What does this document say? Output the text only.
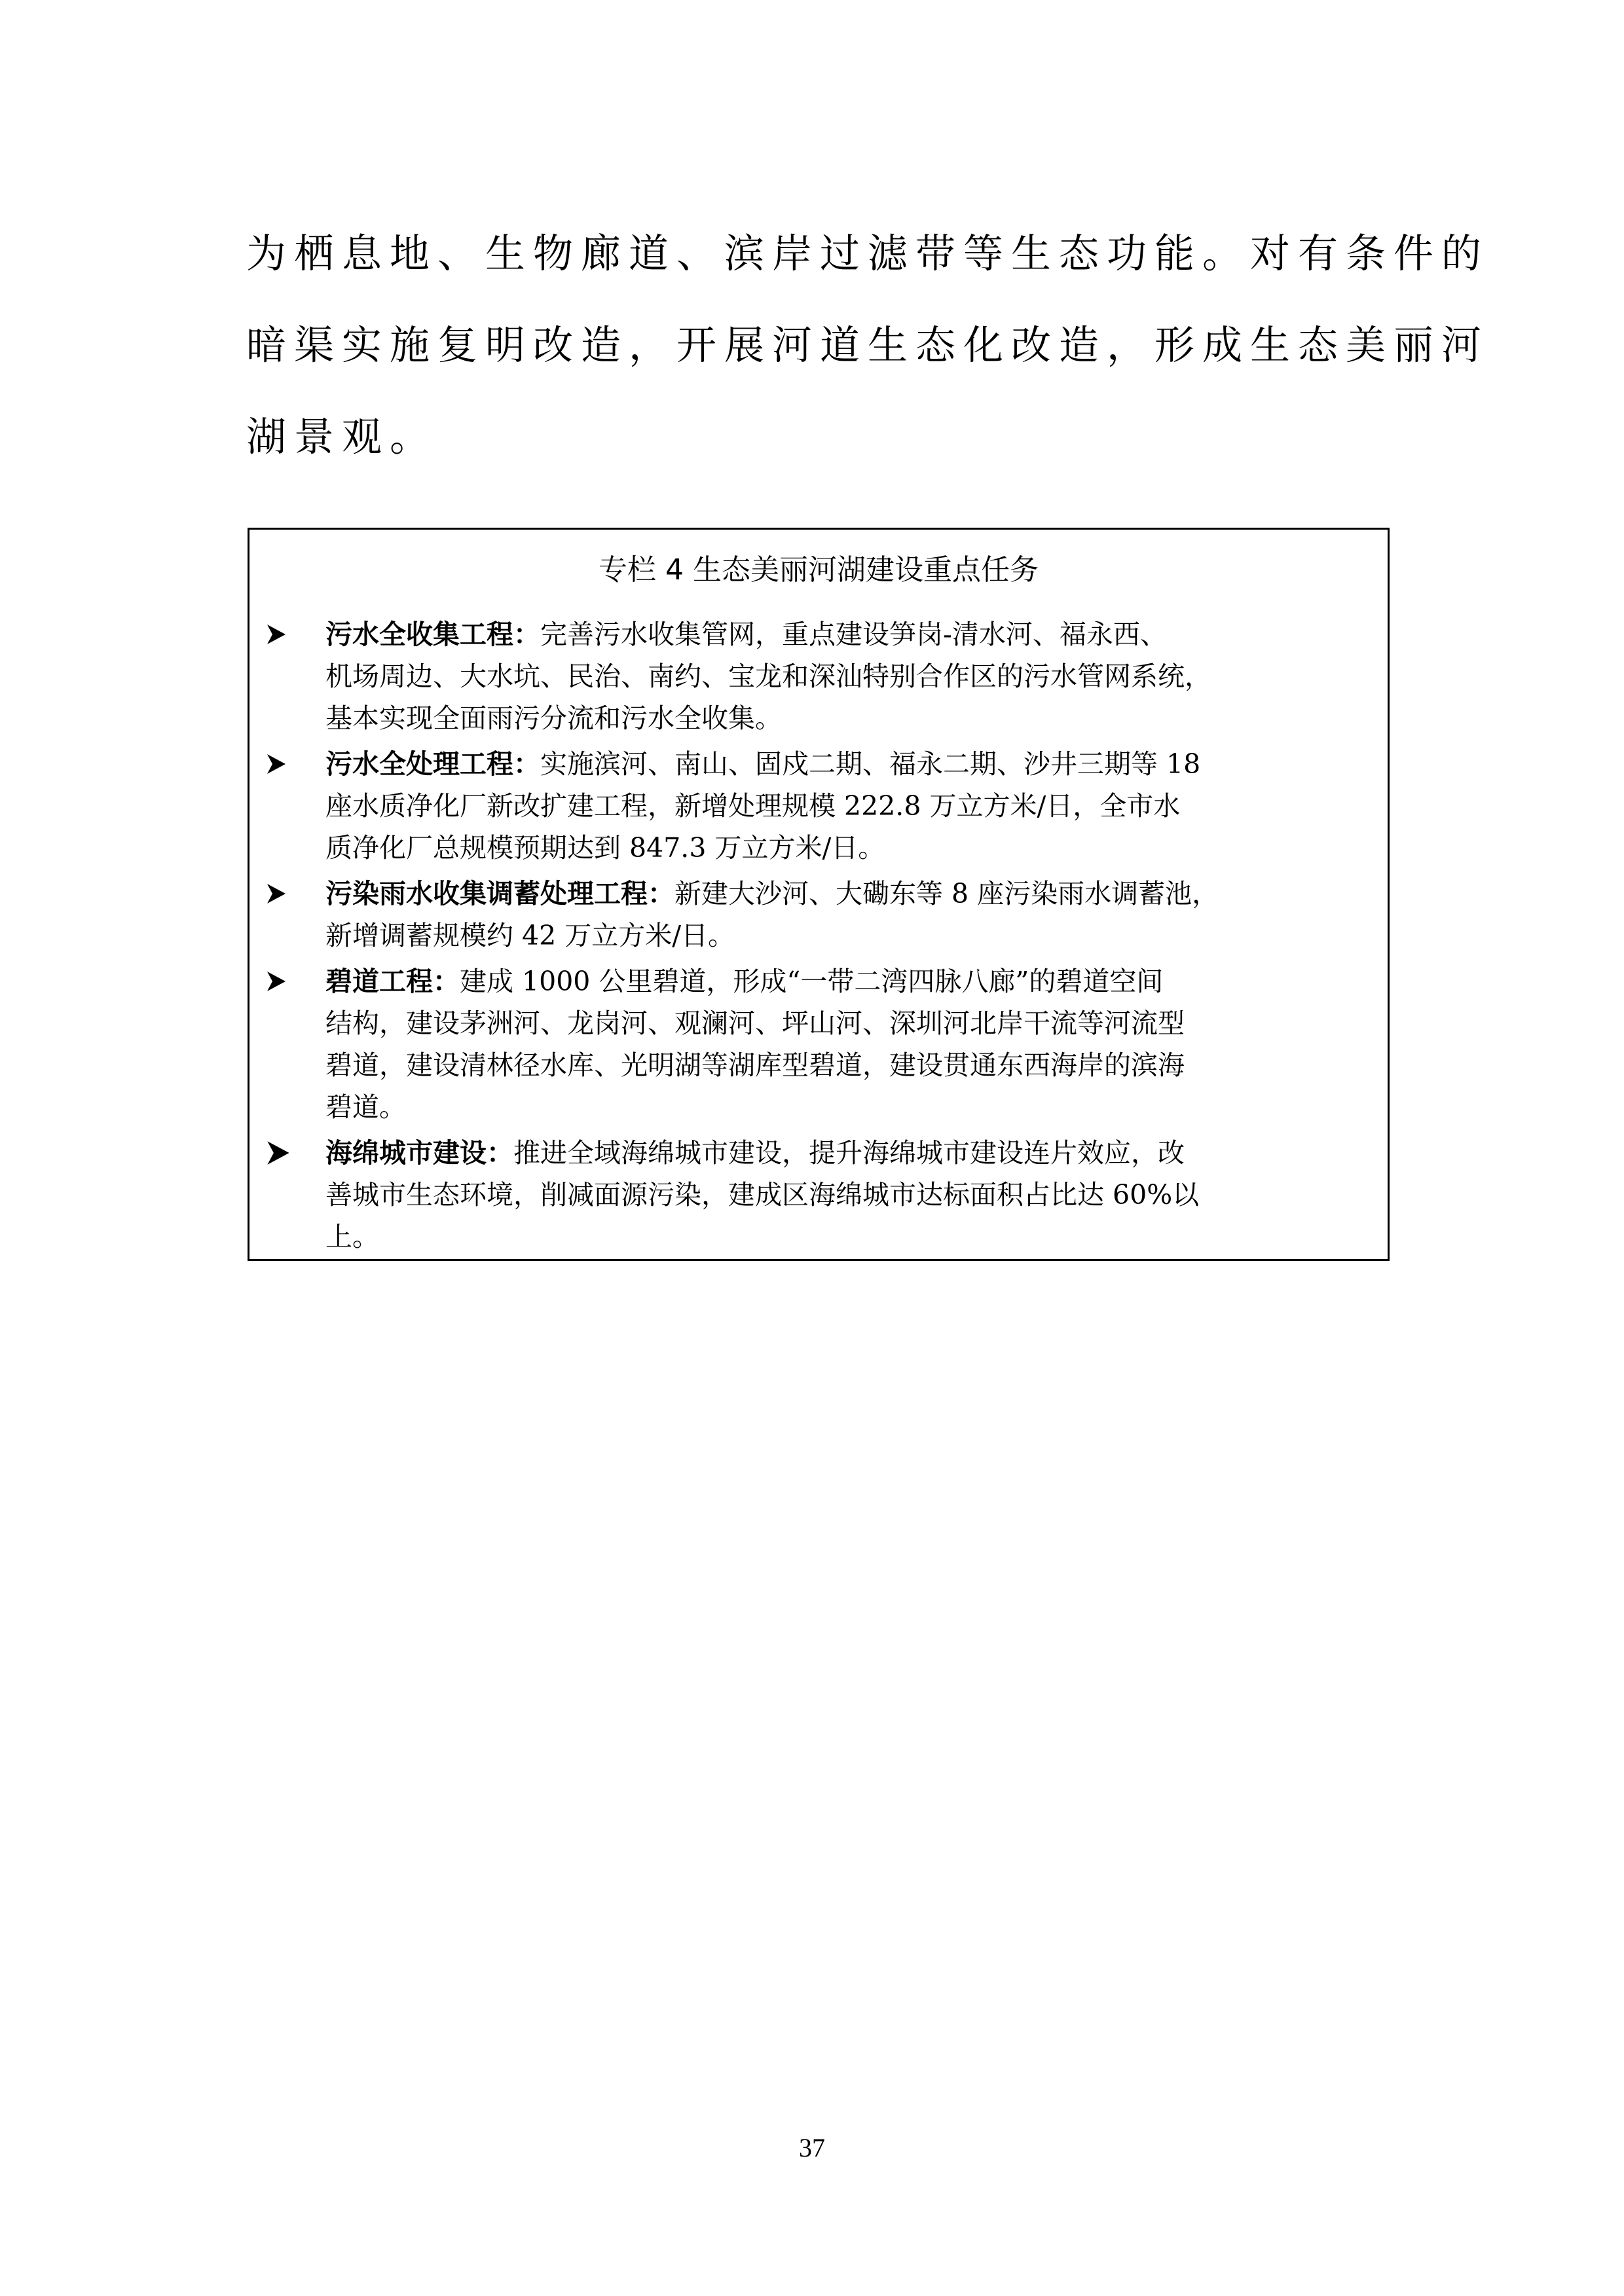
为栖息地、生物廊道、滨岸过滤带等生态功能。对有条件的
暗渠实施复明改造，开展河道生态化改造，形成生态美丽河
湖景观。
专栏 4 生态美丽河湖建设重点任务
污水全收集工程：完善污水收集管网，重点建设笋岗-清水河、福永西、
机场周边、大水坑、民治、南约、宝龙和深汕特别合作区的污水管网系统，
基本实现全面雨污分流和污水全收集。
污水全处理工程：实施滨河、南山、固戍二期、福永二期、沙井三期等 18
座水质净化厂新改扩建工程，新增处理规模 222.8 万立方米/日，全市水
质净化厂总规模预期达到 847.3 万立方米/日。
污染雨水收集调蓄处理工程：新建大沙河、大磡东等 8 座污染雨水调蓄池，
新增调蓄规模约 42 万立方米/日。
碧道工程：建成 1000 公里碧道，形成“一带二湾四脉八廊”的碧道空间
结构，建设茅洲河、龙岗河、观澜河、坪山河、深圳河北岸干流等河流型
碧道，建设清林径水库、光明湖等湖库型碧道，建设贯通东西海岸的滨海
碧道。
海绵城市建设：推进全域海绵城市建设，提升海绵城市建设连片效应，改
善城市生态环境，削减面源污染，建成区海绵城市达标面积占比达 60%以
上。
37
